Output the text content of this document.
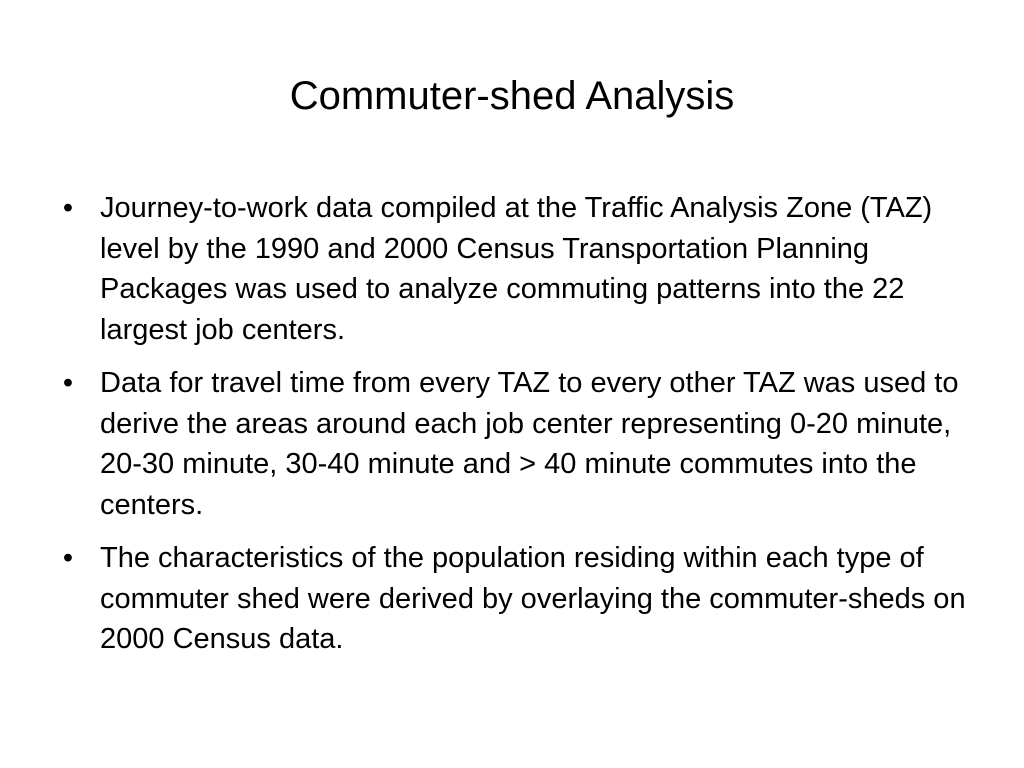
Commuter-shed Analysis
• Journey-to-work data compiled at the Traffic Analysis Zone (TAZ) level by the 1990 and 2000 Census Transportation Planning Packages was used to analyze commuting patterns into the 22 largest job centers.
• Data for travel time from every TAZ to every other TAZ was used to derive the areas around each job center representing 0-20 minute, 20-30 minute, 30-40 minute and > 40 minute commutes into the centers.
• The characteristics of the population residing within each type of commuter shed were derived by overlaying the commuter-sheds on 2000 Census data.
